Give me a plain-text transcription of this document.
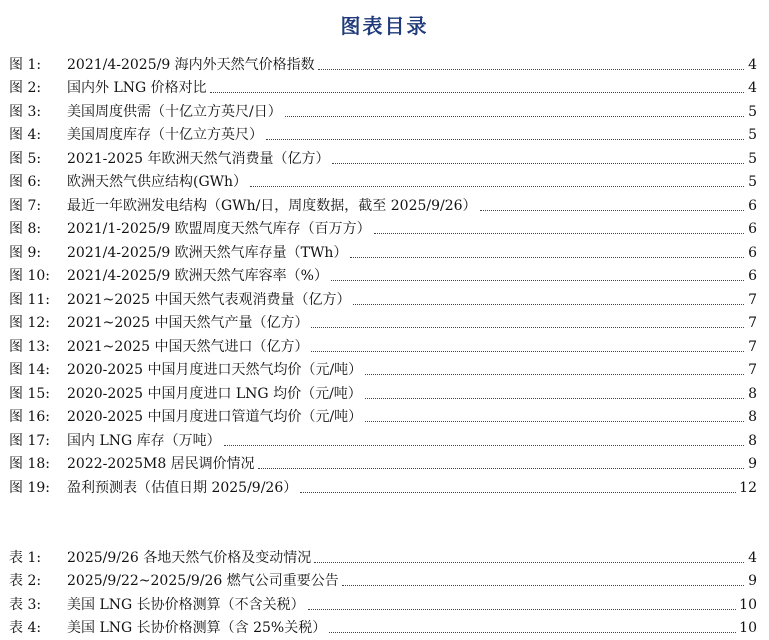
图表目录
图 1:	2021/4-2025/9 海内外天然气价格指数	4
图 2:	国内外 LNG 价格对比	4
图 3:	美国周度供需（十亿立方英尺/日）	5
图 4:	美国周度库存（十亿立方英尺）	5
图 5:	2021-2025 年欧洲天然气消费量（亿方）	5
图 6:	欧洲天然气供应结构(GWh）	5
图 7:	最近一年欧洲发电结构（GWh/日，周度数据，截至 2025/9/26）	6
图 8:	2021/1-2025/9 欧盟周度天然气库存（百万方）	6
图 9:	2021/4-2025/9 欧洲天然气库存量（TWh）	6
图 10:	2021/4-2025/9 欧洲天然气库容率（%）	6
图 11:	2021~2025 中国天然气表观消费量（亿方）	7
图 12:	2021~2025 中国天然气产量（亿方）	7
图 13:	2021~2025 中国天然气进口（亿方）	7
图 14:	2020-2025 中国月度进口天然气均价（元/吨）	7
图 15:	2020-2025 中国月度进口 LNG 均价（元/吨）	8
图 16:	2020-2025 中国月度进口管道气均价（元/吨）	8
图 17:	国内 LNG 库存（万吨）	8
图 18:	2022-2025M8 居民调价情况	9
图 19:	盈利预测表（估值日期 2025/9/26）	12
表 1:	2025/9/26 各地天然气价格及变动情况	4
表 2:	2025/9/22~2025/9/26 燃气公司重要公告	9
表 3:	美国 LNG 长协价格测算（不含关税）	10
表 4:	美国 LNG 长协价格测算（含 25%关税）	10
